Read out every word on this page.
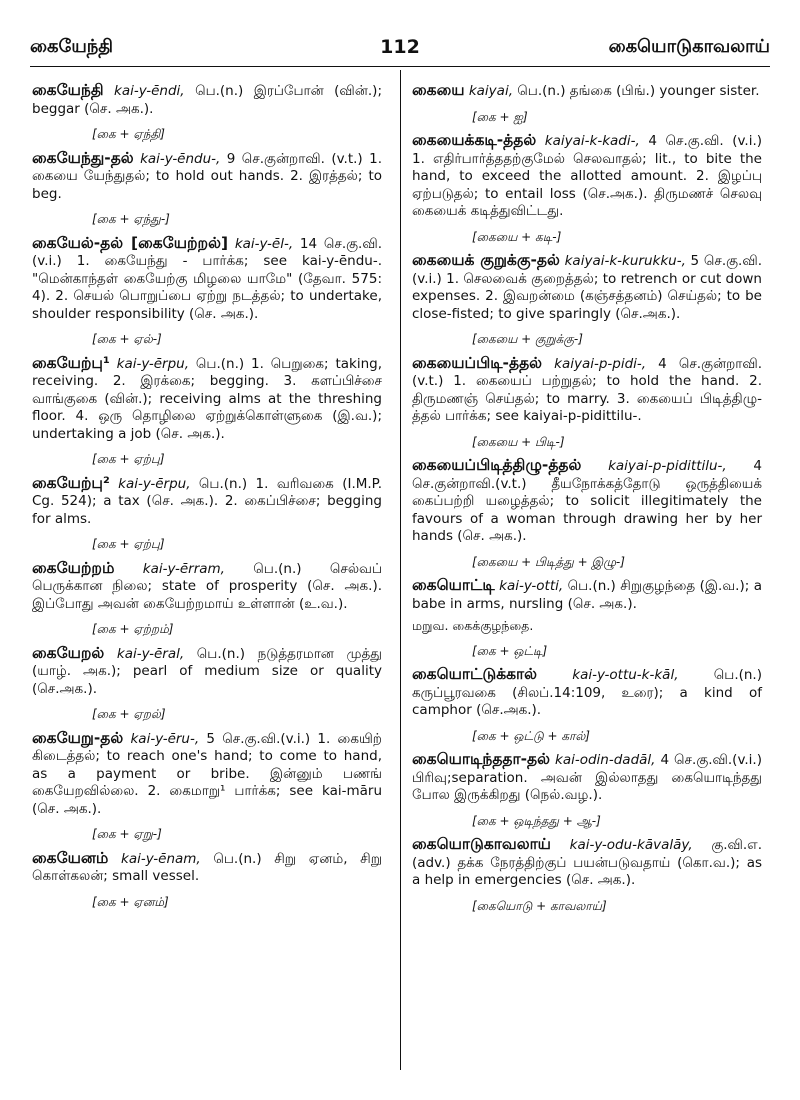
கையேந்தி	112	கையொடுகாவலாய்

கையேந்தி kai-y-ēndi, பெ.(n.) இரப்போன் (வின்.); beggar (செ. அக.).

[கை + ஏந்தி]

கையேந்து-தல் kai-y-ēndu-, 9 செ.குன்றாவி. (v.t.) 1. கையை யேந்துதல்; to hold out hands. 2. இரத்தல்; to beg.

[கை + ஏந்து-]

கையேல்-தல் [கையேற்றல்] kai-y-ēl-, 14 செ.கு.வி. (v.i.) 1. கையேந்து - பார்க்க; see kai-y-ēndu-. "மென்காந்தள் கையேற்கு மிழலை யாமே" (தேவா. 575: 4). 2. செயல் பொறுப்பை ஏற்று நடத்தல்; to undertake, shoulder responsibility (செ. அக.).

[கை + ஏல்-]

கையேற்பு¹ kai-y-ērpu, பெ.(n.) 1. பெறுகை; taking, receiving. 2. இரக்கை; begging. 3. களப்பிச்சை வாங்குகை (வின்.); receiving alms at the threshing floor. 4. ஒரு தொழிலை ஏற்றுக்கொள்ளுகை (இ.வ.); undertaking a job (செ. அக.).

[கை + ஏற்பு]

கையேற்பு² kai-y-ērpu, பெ.(n.) 1. வரிவகை (I.M.P. Cg. 524); a tax (செ. அக.). 2. கைப்பிச்சை; begging for alms.

[கை + ஏற்பு]

கையேற்றம் kai-y-ērram, பெ.(n.) செல்வப் பெருக்கான நிலை; state of prosperity (செ. அக.). இப்போது அவன் கையேற்றமாய் உள்ளான் (உ.வ.).

[கை + ஏற்றம்]

கையேறல் kai-y-ēral, பெ.(n.) நடுத்தரமான முத்து (யாழ். அக.); pearl of medium size or quality (செ.அக.).

[கை + ஏறல்]

கையேறு-தல் kai-y-ēru-, 5 செ.கு.வி.(v.i.) 1. கையிற் கிடைத்தல்; to reach one's hand; to come to hand, as a payment or bribe. இன்னும் பணங் கையேறவில்லை. 2. கைமாறு¹ பார்க்க; see kai-māru (செ. அக.).

[கை + ஏறு-]

கையேனம் kai-y-ēnam, பெ.(n.) சிறு ஏனம், சிறு கொள்கலன்; small vessel.

[கை + ஏனம்]

கையை kaiyai, பெ.(n.) தங்கை (பிங்.) younger sister.

[கை + ஐ]

கையைக்கடி-த்தல் kaiyai-k-kadi-, 4 செ.கு.வி. (v.i.) 1. எதிர்பார்த்ததற்குமேல் செலவாதல்; lit., to bite the hand, to exceed the allotted amount. 2. இழப்பு ஏற்படுதல்; to entail loss (செ.அக.). திருமணச் செலவு கையைக் கடித்துவிட்டது.

[கையை + கடி-]

கையைக் குறுக்கு-தல் kaiyai-k-kurukku-, 5 செ.கு.வி. (v.i.) 1. செலவைக் குறைத்தல்; to retrench or cut down expenses. 2. இவறன்மை (கஞ்சத்தனம்) செய்தல்; to be close-fisted; to give sparingly (செ.அக.).

[கையை + குறுக்கு-]

கையைப்பிடி-த்தல் kaiyai-p-pidi-, 4 செ.குன்றாவி. (v.t.) 1. கையைப் பற்றுதல்; to hold the hand. 2. திருமணஞ் செய்தல்; to marry. 3. கையைப் பிடித்திழு-த்தல் பார்க்க; see kaiyai-p-pidittilu-.

[கையை + பிடி-]

கையைப்பிடித்திழு-த்தல் kaiyai-p-pidittilu-, 4 செ.குன்றாவி.(v.t.) தீயநோக்கத்தோடு ஒருத்தியைக் கைப்பற்றி யழைத்தல்; to solicit illegitimately the favours of a woman through drawing her by her hands (செ. அக.).

[கையை + பிடித்து + இழு-]

கையொட்டி kai-y-otti, பெ.(n.) சிறுகுழந்தை (இ.வ.); a babe in arms, nursling (செ. அக.).

மறுவ. கைக்குழந்தை.
[கை + ஒட்டி]

கையொட்டுக்கால்	kai-y-ottu-k-kāl, பெ.(n.) கருப்பூரவகை (சிலப்.14:109, உரை); a kind of camphor (செ.அக.).

[கை + ஒட்டு + கால்]

கையொடிந்ததா-தல் kai-odin-dadāl, 4 செ.கு.வி.(v.i.) பிரிவு;separation. அவன் இல்லாதது கையொடிந்தது போல இருக்கிறது (நெல்.வழ.).

[கை + ஒடிந்தது + ஆ-]

கையொடுகாவலாய் kai-y-odu-kāvalāy, கு.வி.எ. (adv.) தக்க நேரத்திற்குப் பயன்படுவதாய் (கொ.வ.); as a help in emergencies (செ. அக.).

[கையொடு + காவலாய்]
